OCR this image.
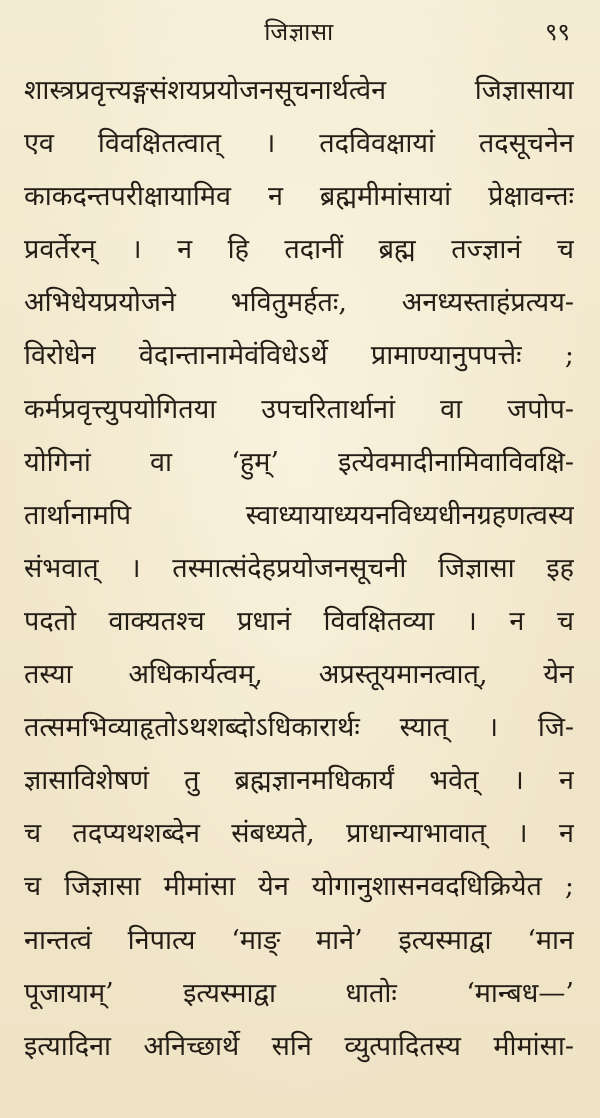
जिज्ञासा	९९
शास्त्रप्रवृत्त्यङ्गसंशयप्रयोजनसूचनार्थत्वेन जिज्ञासाया
एव विवक्षितत्वात् । तदविवक्षायां तदसूचनेन
काकदन्तपरीक्षायामिव न ब्रह्ममीमांसायां प्रेक्षावन्तः
प्रवर्तेरन् । न हि तदानीं ब्रह्म तज्ज्ञानं च
अभिधेयप्रयोजने भवितुमर्हतः, अनध्यस्ताहंप्रत्यय-
विरोधेन वेदान्तानामेवंविधेऽर्थे प्रामाण्यानुपपत्तेः ;
कर्मप्रवृत्त्युपयोगितया उपचरितार्थानां वा जपोप-
योगिनां वा ‘हुम्’ इत्येवमादीनामिवाविवक्षि-
तार्थानामपि स्वाध्यायाध्ययनविध्यधीनग्रहणत्वस्य
संभवात् । तस्मात्संदेहप्रयोजनसूचनी जिज्ञासा इह
पदतो वाक्यतश्च प्रधानं विवक्षितव्या । न च
तस्या अधिकार्यत्वम्, अप्रस्तूयमानत्वात्, येन
तत्समभिव्याहृतोऽथशब्दोऽधिकारार्थः स्यात् । जि-
ज्ञासाविशेषणं तु ब्रह्मज्ञानमधिकार्यं भवेत् । न
च तदप्यथशब्देन संबध्यते, प्राधान्याभावात् । न
च जिज्ञासा मीमांसा येन योगानुशासनवदधिक्रियेत ;
नान्तत्वं निपात्य ‘माङ् माने’ इत्यस्माद्वा ‘मान
पूजायाम्’ इत्यस्माद्वा धातोः ‘मान्बध—’
इत्यादिना अनिच्छार्थे सनि व्युत्पादितस्य मीमांसा-
